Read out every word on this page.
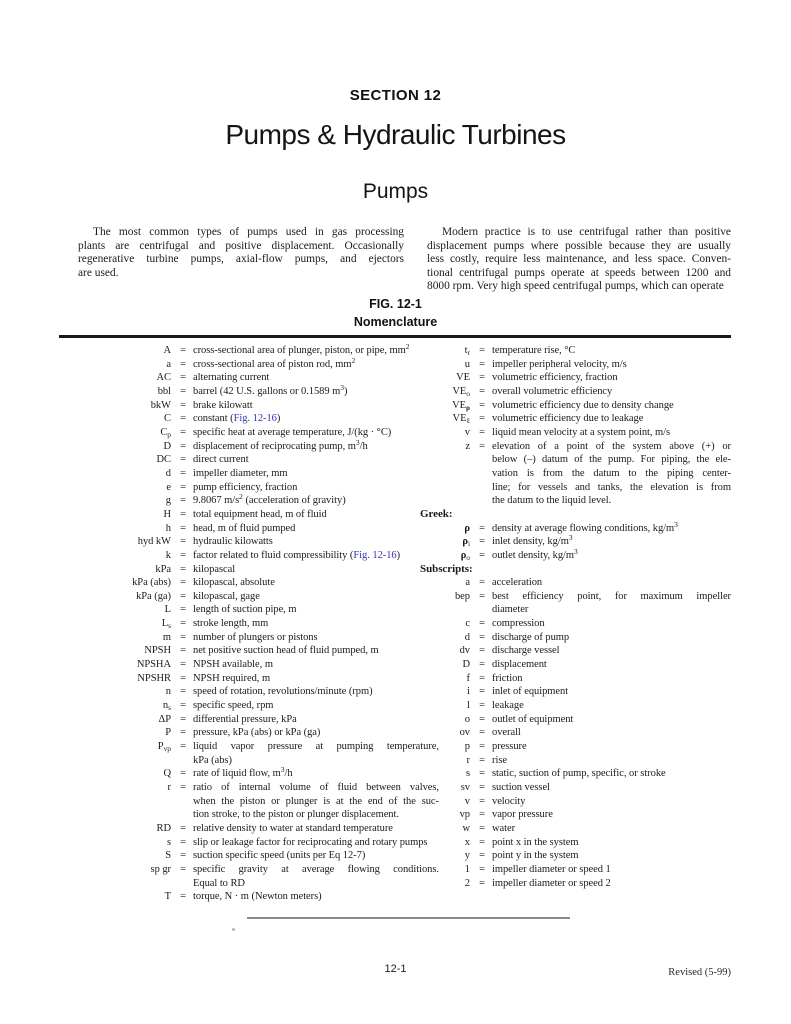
SECTION 12
Pumps & Hydraulic Turbines
Pumps
The most common types of pumps used in gas processing
plants are centrifugal and positive displacement. Occasionally
regenerative turbine pumps, axial-flow pumps, and ejectors
are used.
Modern practice is to use centrifugal rather than positive
displacement pumps where possible because they are usually
less costly, require less maintenance, and less space. Conven-
tional centrifugal pumps operate at speeds between 1200 and
8000 rpm. Very high speed centrifugal pumps, which can operate
FIG. 12-1
Nomenclature
A = cross-sectional area of plunger, piston, or pipe, $mm^2$
a = cross-sectional area of piston rod, $mm^2$
AC = alternating current
bbl = barrel (42 U.S. gallons or 0.1589 $m^3$)
bkW = brake kilowatt
C = constant (Fig. 12-16)
$C_p$ = specific heat at average temperature, J/(kg · °C)
D = displacement of reciprocating pump, $m^3/h$
DC = direct current
d = impeller diameter, mm
e = pump efficiency, fraction
g = 9.8067 $m/s^2$ (acceleration of gravity)
H = total equipment head, m of fluid
h = head, m of fluid pumped
hyd kW = hydraulic kilowatts
k = factor related to fluid compressibility (Fig. 12-16)
kPa = kilopascal
kPa (abs) = kilopascal, absolute
kPa (ga) = kilopascal, gage
L = length of suction pipe, m
$L_s$ = stroke length, mm
m = number of plungers or pistons
NPSH = net positive suction head of fluid pumped, m
NPSHA = NPSH available, m
NPSHR = NPSH required, m
n = speed of rotation, revolutions/minute (rpm)
$n_s$ = specific speed, rpm
ΔP = differential pressure, kPa
P = pressure, kPa (abs) or kPa (ga)
$P_{vp}$ = liquid vapor pressure at pumping temperature,
kPa (abs)
Q = rate of liquid flow, $m^3/h$
r = ratio of internal volume of fluid between valves,
when the piston or plunger is at the end of the suc-
tion stroke, to the piston or plunger displacement.
RD = relative density to water at standard temperature
s = slip or leakage factor for reciprocating and rotary pumps
S = suction specific speed (units per Eq 12-7)
sp gr = specific gravity at average flowing conditions.
Equal to RD
T = torque, N · m (Newton meters)
$t_r$ = temperature rise, °C
u = impeller peripheral velocity, m/s
VE = volumetric efficiency, fraction
$VE_o$ = overall volumetric efficiency
$VE_\rho$ = volumetric efficiency due to density change
$VE_\ell$ = volumetric efficiency due to leakage
v = liquid mean velocity at a system point, m/s
z = elevation of a point of the system above (+) or
below (–) datum of the pump. For piping, the ele-
vation is from the datum to the piping center-
line; for vessels and tanks, the elevation is from
the datum to the liquid level.
Greek:
ρ = density at average flowing conditions, $kg/m^3$
$\rho_i$ = inlet density, $kg/m^3$
$\rho_o$ = outlet density, $kg/m^3$
Subscripts:
a = acceleration
bep = best efficiency point, for maximum impeller
diameter
c = compression
d = discharge of pump
dv = discharge vessel
D = displacement
f = friction
i = inlet of equipment
l = leakage
o = outlet of equipment
ov = overall
p = pressure
r = rise
s = static, suction of pump, specific, or stroke
sv = suction vessel
v = velocity
vp = vapor pressure
w = water
x = point x in the system
y = point y in the system
1 = impeller diameter or speed 1
2 = impeller diameter or speed 2
12-1	Revised (5-99)
